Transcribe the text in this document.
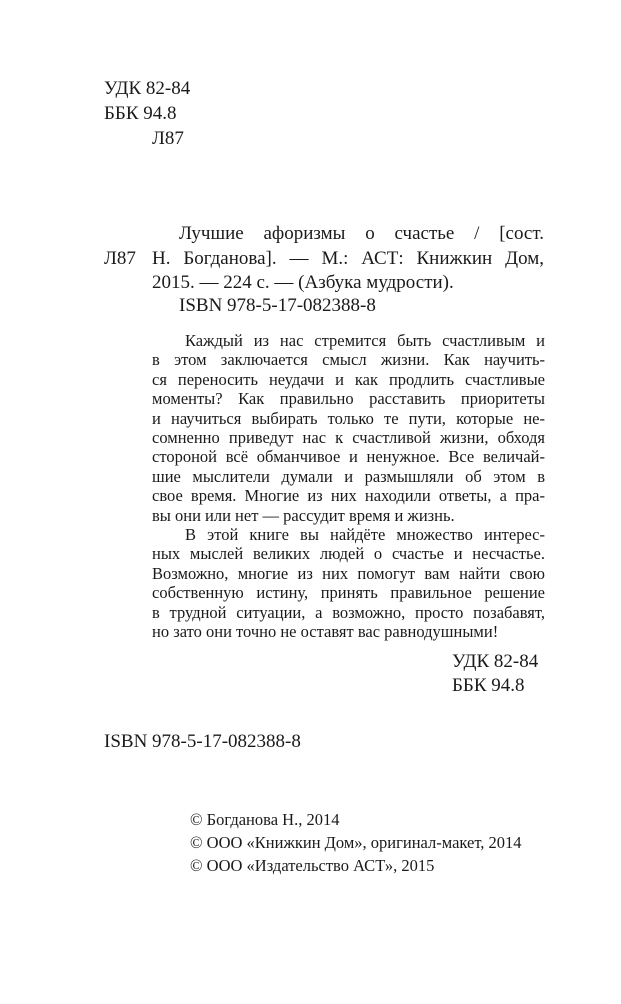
УДК 82-84
ББК 94.8
Л87
Л87
Лучшие афоризмы о счастье / [сост.
Н. Богданова]. — М.: АСТ: Книжкин Дом,
2015. — 224 с. — (Азбука мудрости).
ISBN 978-5-17-082388-8
Каждый из нас стремится быть счастливым и
в этом заключается смысл жизни. Как научить-
ся переносить неудачи и как продлить счастливые
моменты? Как правильно расставить приоритеты
и научиться выбирать только те пути, которые не-
сомненно приведут нас к счастливой жизни, обходя
стороной всё обманчивое и ненужное. Все величай-
шие мыслители думали и размышляли об этом в
свое время. Многие из них находили ответы, а пра-
вы они или нет — рассудит время и жизнь.
В этой книге вы найдёте множество интерес-
ных мыслей великих людей о счастье и несчастье.
Возможно, многие из них помогут вам найти свою
собственную истину, принять правильное решение
в трудной ситуации, а возможно, просто позабавят,
но зато они точно не оставят вас равнодушными!
УДК 82-84
ББК 94.8
ISBN 978-5-17-082388-8
© Богданова Н., 2014
© ООО «Книжкин Дом», оригинал-макет, 2014
© ООО «Издательство АСТ», 2015
